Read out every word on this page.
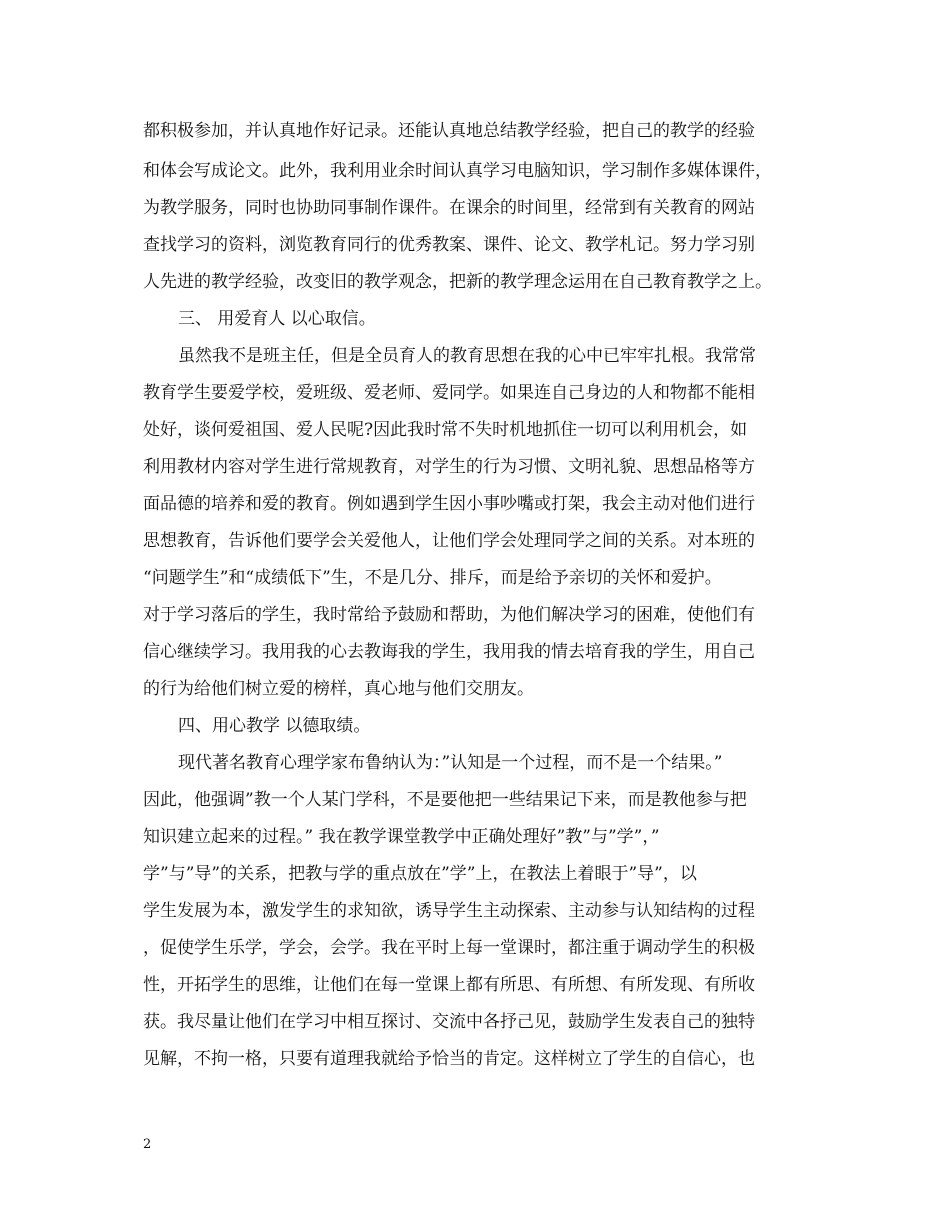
都积极参加，并认真地作好记录。还能认真地总结教学经验，把自己的教学的经验
和体会写成论文。此外，我利用业余时间认真学习电脑知识，学习制作多媒体课件，
为教学服务，同时也协助同事制作课件。在课余的时间里，经常到有关教育的网站
查找学习的资料，浏览教育同行的优秀教案、课件、论文、教学札记。努力学习别
人先进的教学经验，改变旧的教学观念，把新的教学理念运用在自己教育教学之上。
三、 用爱育人 以心取信。
虽然我不是班主任，但是全员育人的教育思想在我的心中已牢牢扎根。我常常
教育学生要爱学校，爱班级、爱老师、爱同学。如果连自己身边的人和物都不能相
处好，谈何爱祖国、爱人民呢?因此我时常不失时机地抓住一切可以利用机会，如
利用教材内容对学生进行常规教育，对学生的行为习惯、文明礼貌、思想品格等方
面品德的培养和爱的教育。例如遇到学生因小事吵嘴或打架，我会主动对他们进行
思想教育，告诉他们要学会关爱他人，让他们学会处理同学之间的关系。对本班的
“问题学生”和“成绩低下”生，不是几分、排斥，而是给予亲切的关怀和爱护。
对于学习落后的学生，我时常给予鼓励和帮助，为他们解决学习的困难，使他们有
信心继续学习。我用我的心去教诲我的学生，我用我的情去培育我的学生，用自己
的行为给他们树立爱的榜样，真心地与他们交朋友。
四、用心教学 以德取绩。
现代著名教育心理学家布鲁纳认为：”认知是一个过程，而不是一个结果。”
因此，他强调”教一个人某门学科，不是要他把一些结果记下来，而是教他参与把
知识建立起来的过程。” 我在教学课堂教学中正确处理好”教”与”学”，”
学”与”导”的关系，把教与学的重点放在”学”上，在教法上着眼于”导”，以
学生发展为本，激发学生的求知欲，诱导学生主动探索、主动参与认知结构的过程
，促使学生乐学，学会，会学。我在平时上每一堂课时，都注重于调动学生的积极
性，开拓学生的思维，让他们在每一堂课上都有所思、有所想、有所发现、有所收
获。我尽量让他们在学习中相互探讨、交流中各抒己见，鼓励学生发表自己的独特
见解，不拘一格，只要有道理我就给予恰当的肯定。这样树立了学生的自信心，也
2
